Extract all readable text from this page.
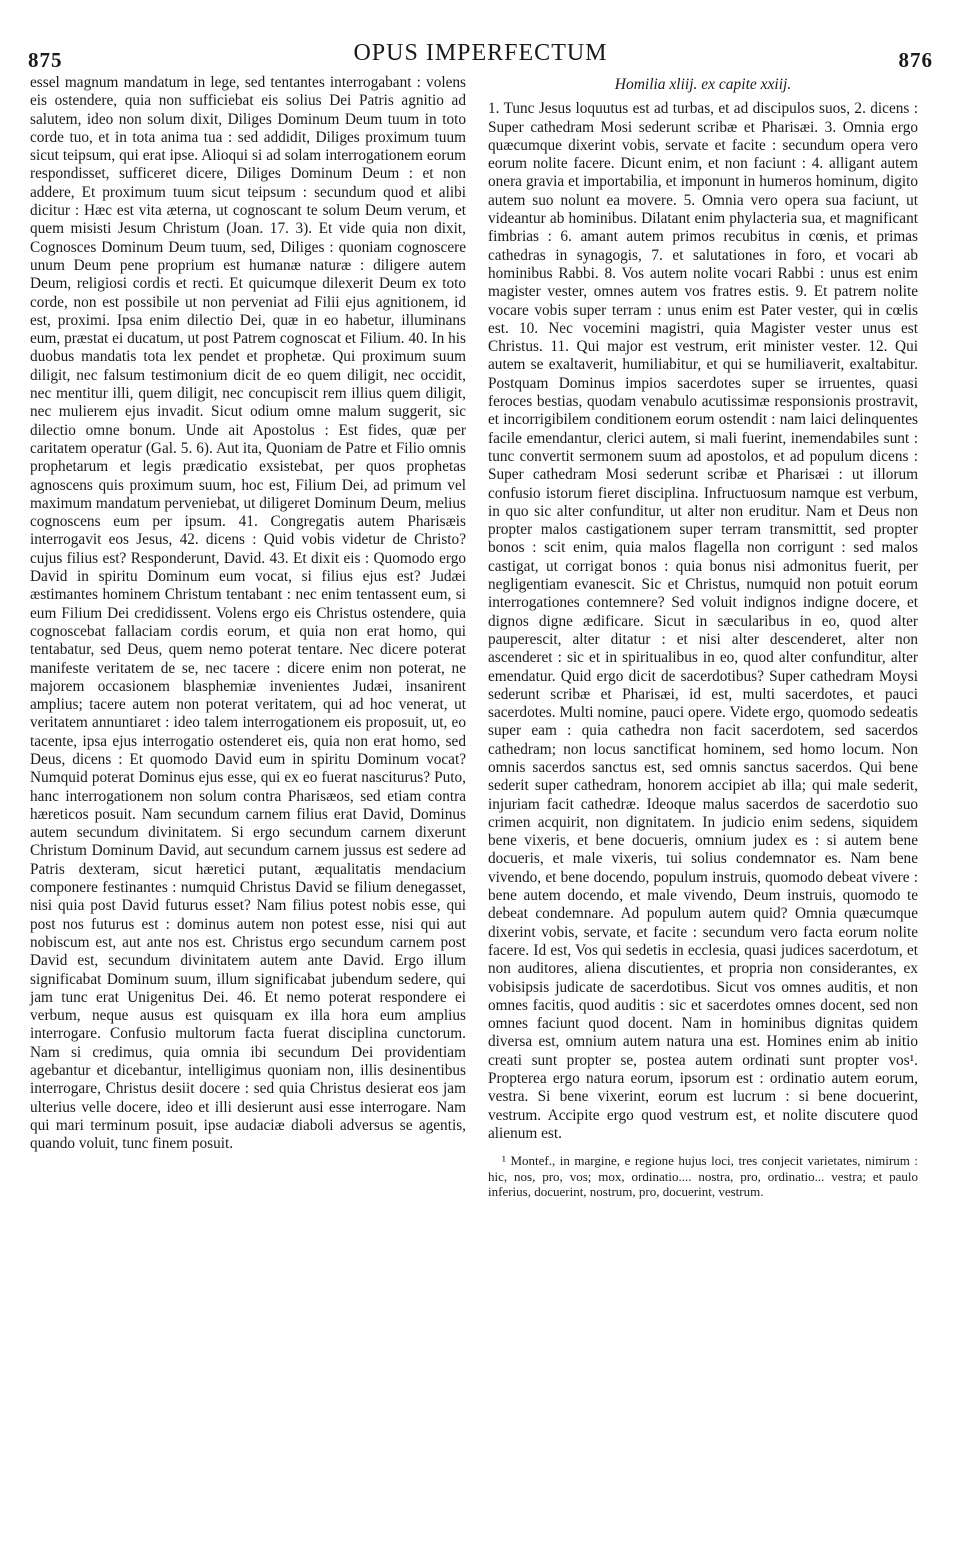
875	OPUS IMPERFECTUM	876

essel magnum mandatum in lege, sed tentantes interrogabant : volens eis ostendere, quia non sufficiebat eis solius Dei Patris agnitio ad salutem, ideo non solum dixit, Diliges Dominum Deum tuum in toto corde tuo, et in tota anima tua : sed addidit, Diliges proximum tuum sicut teipsum, qui erat ipse. Alioqui si ad solam interrogationem eorum respondisset, sufficeret dicere, Diliges Dominum Deum : et non addere, Et proximum tuum sicut teipsum : secundum quod et alibi dicitur : Hæc est vita æterna, ut cognoscant te solum Deum verum, et quem misisti Jesum Christum (Joan. 17. 3). Et vide quia non dixit, Cognosces Dominum Deum tuum, sed, Diliges : quoniam cognoscere unum Deum pene proprium est humanæ naturæ : diligere autem Deum, religiosi cordis et recti. Et quicumque dilexerit Deum ex toto corde, non est possibile ut non perveniat ad Filii ejus agnitionem, id est, proximi. Ipsa enim dilectio Dei, quæ in eo habetur, illuminans eum, præstat ei ducatum, ut post Patrem cognoscat et Filium. 40. In his duobus mandatis tota lex pendet et prophetæ. Qui proximum suum diligit, nec falsum testimonium dicit de eo quem diligit, nec occidit, nec mentitur illi, quem diligit, nec concupiscit rem illius quem diligit, nec mulierem ejus invadit. Sicut odium omne malum suggerit, sic dilectio omne bonum. Unde ait Apostolus : Est fides, quæ per caritatem operatur (Gal. 5. 6). Aut ita, Quoniam de Patre et Filio omnis prophetarum et legis prædicatio exsistebat, per quos prophetas agnoscens quis proximum suum, hoc est, Filium Dei, ad primum vel maximum mandatum perveniebat, ut diligeret Dominum Deum, melius cognoscens eum per ipsum. 41. Congregatis autem Pharisæis interrogavit eos Jesus, 42. dicens : Quid vobis videtur de Christo? cujus filius est? Responderunt, David. 43. Et dixit eis : Quomodo ergo David in spiritu Dominum eum vocat, si filius ejus est? Judæi æstimantes hominem Christum tentabant : nec enim tentassent eum, si eum Filium Dei credidissent. Volens ergo eis Christus ostendere, quia cognoscebat fallaciam cordis eorum, et quia non erat homo, qui tentabatur, sed Deus, quem nemo poterat tentare. Nec dicere poterat manifeste veritatem de se, nec tacere : dicere enim non poterat, ne majorem occasionem blasphemiæ invenientes Judæi, insanirent amplius; tacere autem non poterat veritatem, qui ad hoc venerat, ut veritatem annuntiaret : ideo talem interrogationem eis proposuit, ut, eo tacente, ipsa ejus interrogatio ostenderet eis, quia non erat homo, sed Deus, dicens : Et quomodo David eum in spiritu Dominum vocat? Numquid poterat Dominus ejus esse, qui ex eo fuerat nasciturus? Puto, hanc interrogationem non solum contra Pharisæos, sed etiam contra hæreticos posuit. Nam secundum carnem filius erat David, Dominus autem secundum divinitatem. Si ergo secundum carnem dixerunt Christum Dominum David, aut secundum carnem jussus est sedere ad Patris dexteram, sicut hæretici putant, æqualitatis mendacium componere festinantes : numquid Christus David se filium denegasset, nisi quia post David futurus esset? Nam filius potest nobis esse, qui post nos futurus est : dominus autem non potest esse, nisi qui aut nobiscum est, aut ante nos est. Christus ergo secundum carnem post David est, secundum divinitatem autem ante David. Ergo illum significabat Dominum suum, illum significabat jubendum sedere, qui jam tunc erat Unigenitus Dei. 46. Et nemo poterat respondere ei verbum, neque ausus est quisquam ex illa hora eum amplius interrogare. Confusio multorum facta fuerat disciplina cunctorum. Nam si credimus, quia omnia ibi secundum Dei providentiam agebantur et dicebantur, intelligimus quoniam non, illis desinentibus interrogare, Christus desiit docere : sed quia Christus desierat eos jam ulterius velle docere, ideo et illi desierunt ausi esse interrogare. Nam qui mari terminum posuit, ipse audaciæ diaboli adversus se agentis, quando voluit, tunc finem posuit.

Homilia xliij. ex capite xxiij.

1. Tunc Jesus loquutus est ad turbas, et ad discipulos suos, 2. dicens : Super cathedram Mosi sederunt scribæ et Pharisæi. 3. Omnia ergo quæcumque dixerint vobis, servate et facite : secundum opera vero eorum nolite facere. Dicunt enim, et non faciunt : 4. alligant autem onera gravia et importabilia, et imponunt in humeros hominum, digito autem suo nolunt ea movere. 5. Omnia vero opera sua faciunt, ut videantur ab hominibus. Dilatant enim phylacteria sua, et magnificant fimbrias : 6. amant autem primos recubitus in cœnis, et primas cathedras in synagogis, 7. et salutationes in foro, et vocari ab hominibus Rabbi. 8. Vos autem nolite vocari Rabbi : unus est enim magister vester, omnes autem vos fratres estis. 9. Et patrem nolite vocare vobis super terram : unus enim est Pater vester, qui in cœlis est. 10. Nec vocemini magistri, quia Magister vester unus est Christus. 11. Qui major est vestrum, erit minister vester. 12. Qui autem se exaltaverit, humiliabitur, et qui se humiliaverit, exaltabitur. Postquam Dominus impios sacerdotes super se irruentes, quasi feroces bestias, quodam venabulo acutissimæ responsionis prostravit, et incorrigibilem conditionem eorum ostendit : nam laici delinquentes facile emendantur, clerici autem, si mali fuerint, inemendabiles sunt : tunc convertit sermonem suum ad apostolos, et ad populum dicens : Super cathedram Mosi sederunt scribæ et Pharisæi : ut illorum confusio istorum fieret disciplina. Infructuosum namque est verbum, in quo sic alter confunditur, ut alter non eruditur. Nam et Deus non propter malos castigationem super terram transmittit, sed propter bonos : scit enim, quia malos flagella non corrigunt : sed malos castigat, ut corrigat bonos : quia bonus nisi admonitus fuerit, per negligentiam evanescit. Sic et Christus, numquid non potuit eorum interrogationes contemnere? Sed voluit indignos indigne docere, et dignos digne ædificare. Sicut in sæcularibus in eo, quod alter pauperescit, alter ditatur : et nisi alter descenderet, alter non ascenderet : sic et in spiritualibus in eo, quod alter confunditur, alter emendatur. Quid ergo dicit de sacerdotibus? Super cathedram Moysi sederunt scribæ et Pharisæi, id est, multi sacerdotes, et pauci sacerdotes. Multi nomine, pauci opere. Videte ergo, quomodo sedeatis super eam : quia cathedra non facit sacerdotem, sed sacerdos cathedram; non locus sanctificat hominem, sed homo locum. Non omnis sacerdos sanctus est, sed omnis sanctus sacerdos. Qui bene sederit super cathedram, honorem accipiet ab illa; qui male sederit, injuriam facit cathedræ. Ideoque malus sacerdos de sacerdotio suo crimen acquirit, non dignitatem. In judicio enim sedens, siquidem bene vixeris, et bene docueris, omnium judex es : si autem bene docueris, et male vixeris, tui solius condemnator es. Nam bene vivendo, et bene docendo, populum instruis, quomodo debeat vivere : bene autem docendo, et male vivendo, Deum instruis, quomodo te debeat condemnare. Ad populum autem quid? Omnia quæcumque dixerint vobis, servate, et facite : secundum vero facta eorum nolite facere. Id est, Vos qui sedetis in ecclesia, quasi judices sacerdotum, et non auditores, aliena discutientes, et propria non considerantes, ex vobisipsis judicate de sacerdotibus. Sicut vos omnes auditis, et non omnes facitis, quod auditis : sic et sacerdotes omnes docent, sed non omnes faciunt quod docent. Nam in hominibus dignitas quidem diversa est, omnium autem natura una est. Homines enim ab initio creati sunt propter se, postea autem ordinati sunt propter vos¹. Propterea ergo natura eorum, ipsorum est : ordinatio autem eorum, vestra. Si bene vixerint, eorum est lucrum : si bene docuerint, vestrum. Accipite ergo quod vestrum est, et nolite discutere quod alienum est.

¹ Montef., in margine, e regione hujus loci, tres conjecit varietates, nimirum : hic, nos, pro, vos; mox, ordinatio.... nostra, pro, ordinatio... vestra; et paulo inferius, docuerint, nostrum, pro, docuerint, vestrum.
